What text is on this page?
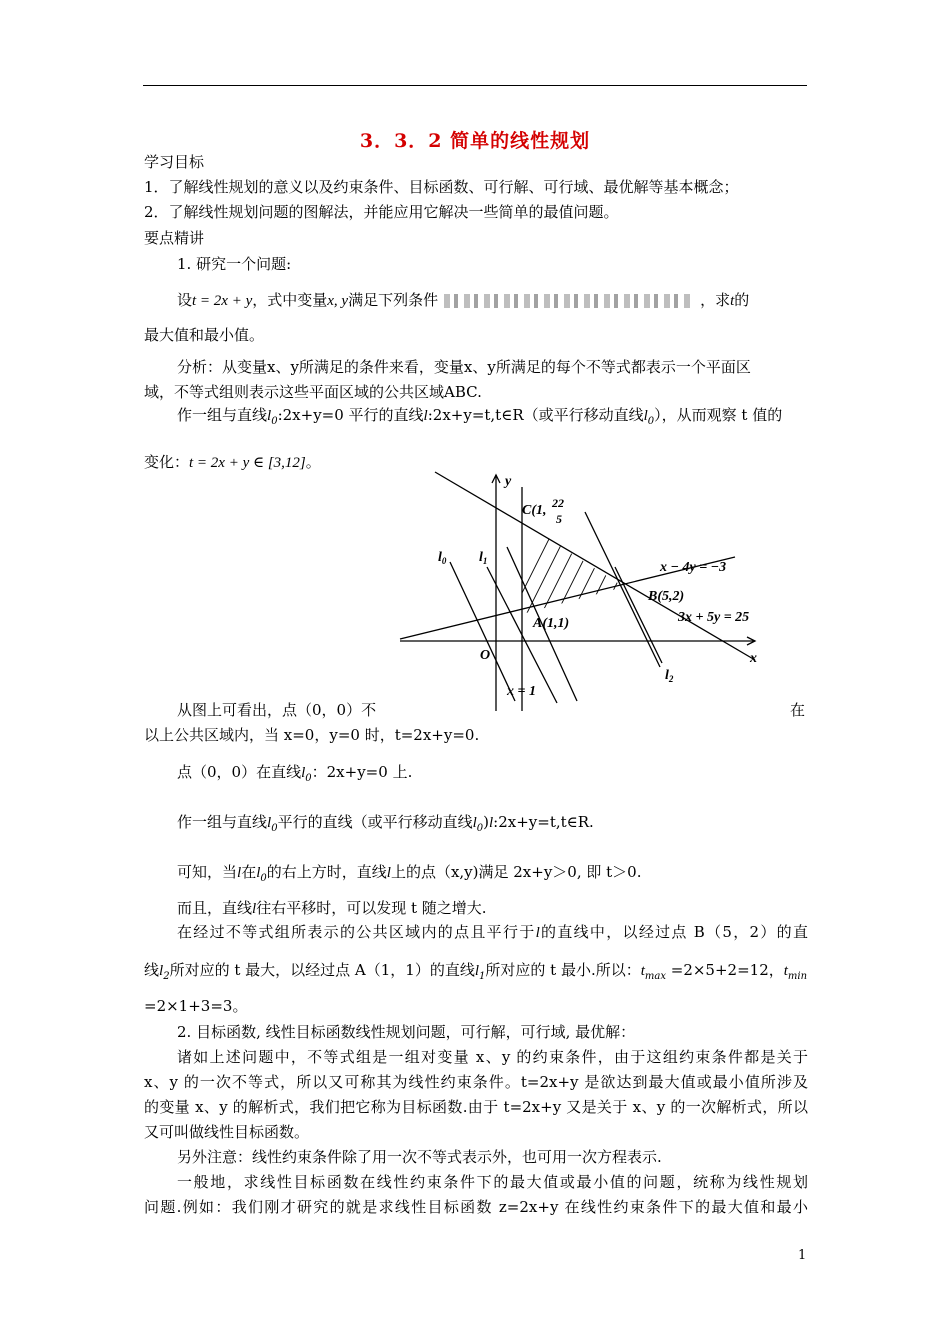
3．3．2 简单的线性规划
学习目标
1．了解线性规划的意义以及约束条件、目标函数、可行解、可行域、最优解等基本概念；
2．了解线性规划问题的图解法，并能应用它解决一些简单的最值问题。
要点精讲
1. 研究一个问题:
设t = 2x + y，式中变量x, y满足下列条件	，求t的
最大值和最小值。
分析：从变量x、y所满足的条件来看，变量x、y所满足的每个不等式都表示一个平面区
域，不等式组则表示这些平面区域的公共区域ABC.
作一组与直线$l_0:2x+y=0$ 平行的直线l:2x+y=t,t∈R（或平行移动直线$l_0$），从而观察 t 值的
变化：t = 2x + y ∈ [3,12]。
y
x
O
C(1, 22
5
B(5,2)
A(1,1)
x − 4y = −3
3x + 5y = 25
x = 1
$l_0$ $l_1$
$l_2$
从图上可看出，点（0，0）不	在
以上公共区域内，当 x=0，y=0 时，t=2x+y=0.
点（0，0）在直线$l_0$：2x+y=0 上.
作一组与直线$l_0$平行的直线（或平行移动直线$l_0)l:2x+y=t,t\in R$.
可知，当l在$l_0$的右上方时，直线l上的点（x,y)满足 2x+y＞0, 即 t＞0.
而且，直线l往右平移时，可以发现 t 随之增大.
在经过不等式组所表示的公共区域内的点且平行于l的直线中，以经过点 B（5，2）的直
线$l_2$所对应的 t 最大，以经过点 A（1，1）的直线$l_1$所对应的 t 最小.所以：$t_{max} =2\times 5+2=12$，$t_{min}$
=2×1+3=3。
2. 目标函数, 线性目标函数线性规划问题，可行解，可行域, 最优解：
诸如上述问题中，不等式组是一组对变量 x、y 的约束条件，由于这组约束条件都是关于
x、y 的一次不等式，所以又可称其为线性约束条件。t=2x+y 是欲达到最大值或最小值所涉及
的变量 x、y 的解析式，我们把它称为目标函数.由于 t=2x+y 又是关于 x、y 的一次解析式，所以
又可叫做线性目标函数。
另外注意：线性约束条件除了用一次不等式表示外，也可用一次方程表示.
一般地，求线性目标函数在线性约束条件下的最大值或最小值的问题，统称为线性规划
问题.例如：我们刚才研究的就是求线性目标函数 z=2x+y 在线性约束条件下的最大值和最小
1
